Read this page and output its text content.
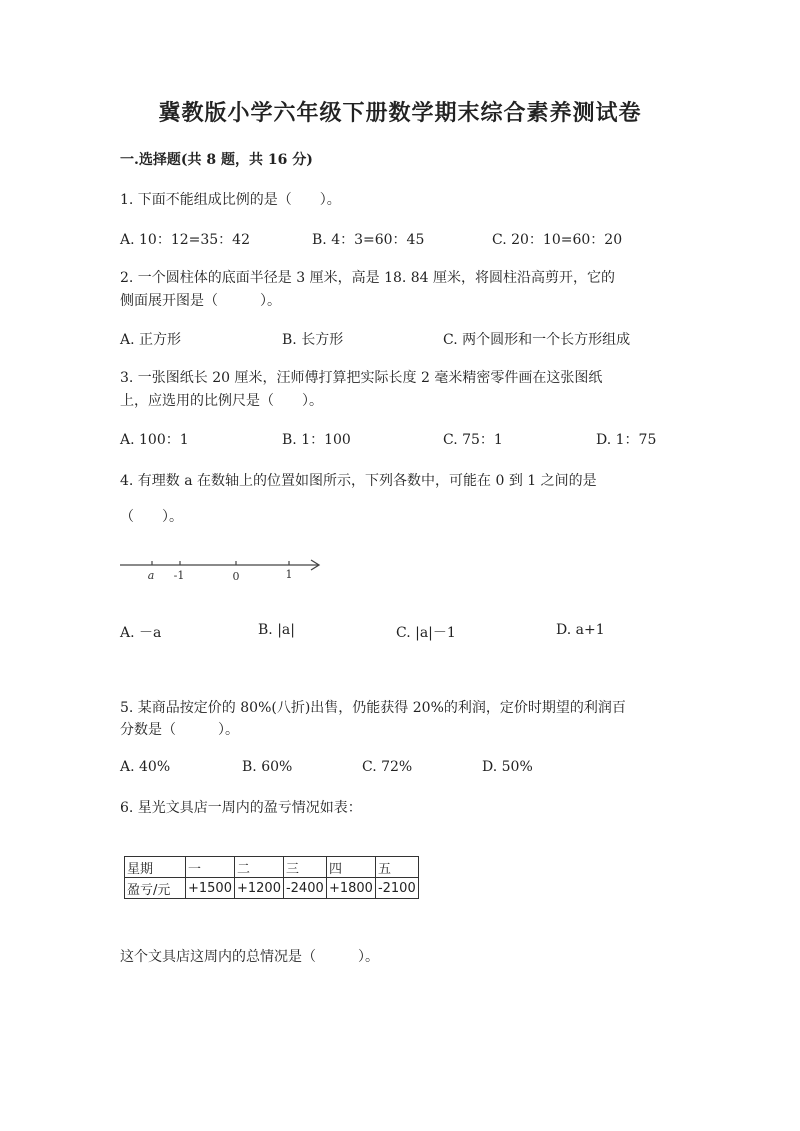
冀教版小学六年级下册数学期末综合素养测试卷
一.选择题(共 8 题，共 16 分)
1. 下面不能组成比例的是（　　）。
A. 10：12=35：42	B. 4：3=60：45	C. 20：10=60：20
2. 一个圆柱体的底面半径是 3 厘米，高是 18. 84 厘米，将圆柱沿高剪开，它的
侧面展开图是（　　　）。
A. 正方形	B. 长方形	C. 两个圆形和一个长方形组成
3. 一张图纸长 20 厘米，汪师傅打算把实际长度 2 毫米精密零件画在这张图纸
上，应选用的比例尺是（　　）。
A. 100：1	B. 1：100	C. 75：1	D. 1：75
4. 有理数 a 在数轴上的位置如图所示，下列各数中，可能在 0 到 1 之间的是
（　　）。
a -1	0	1
A. －a	B. |a|	C. |a|－1	D. a+1
5. 某商品按定价的 80%(八折)出售，仍能获得 20%的利润，定价时期望的利润百
分数是（　　　）。
A. 40%	B. 60%	C. 72%	D. 50%
6. 星光文具店一周内的盈亏情况如表：
星期	一	二	三	四	五
盈亏/元	+1500	+1200	-2400	+1800	-2100
这个文具店这周内的总情况是（　　　）。
